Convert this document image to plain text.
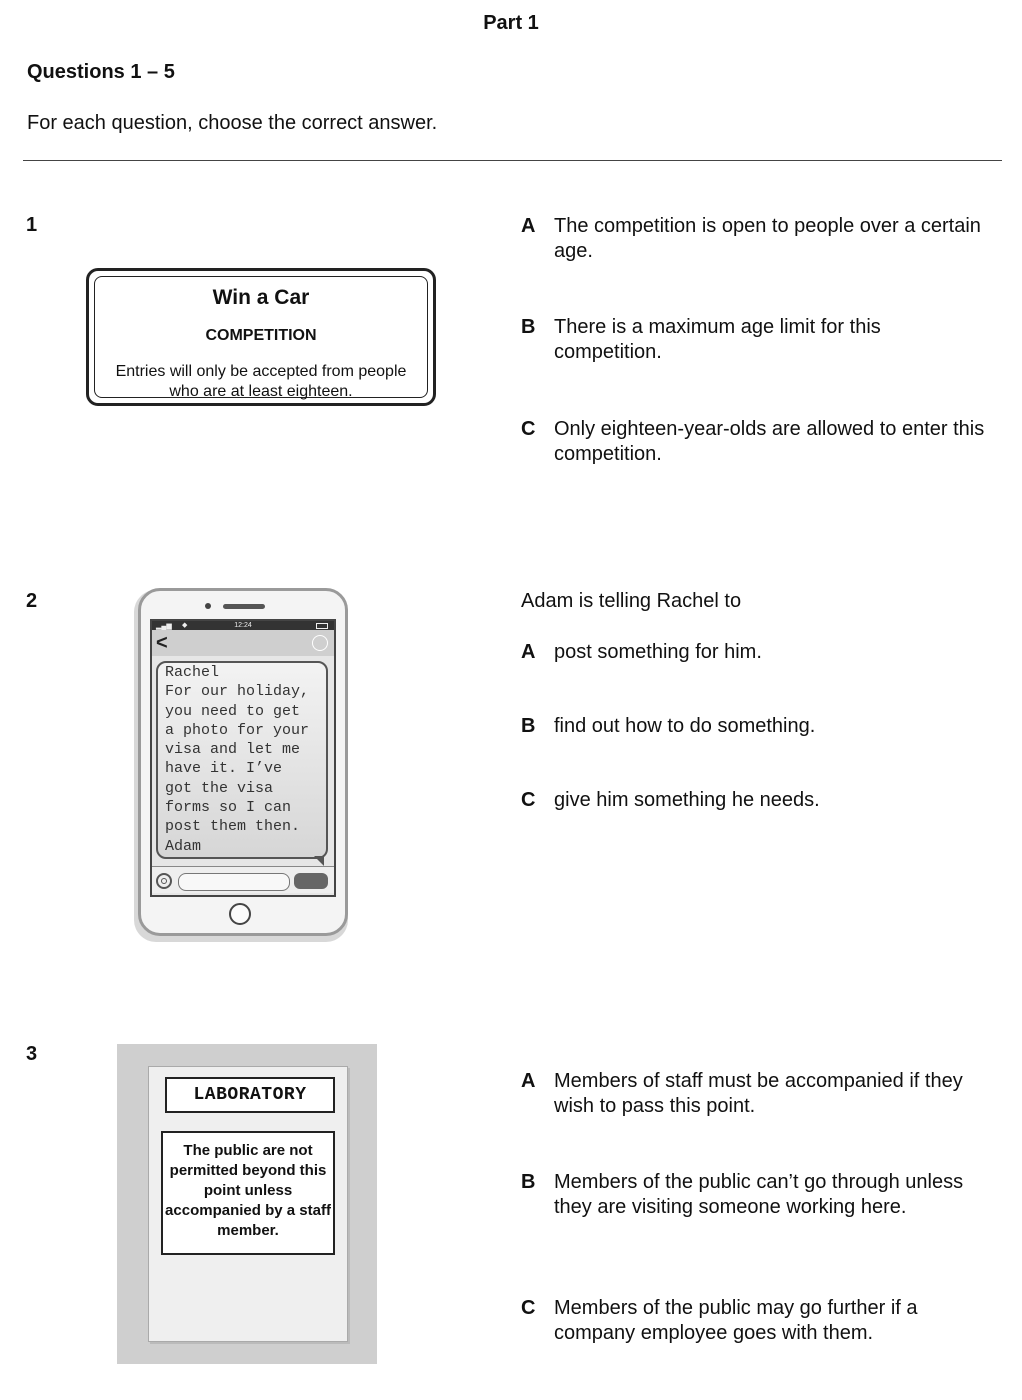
Part 1
Questions 1 – 5
For each question, choose the correct answer.
1
Win a Car
COMPETITION
Entries will only be accepted from people who are at least eighteen.
A The competition is open to people over a certain age.
B There is a maximum age limit for this competition.
C Only eighteen-year-olds are allowed to enter this competition.
2
▂▄▆ ◆	12:24
<
Rachel
For our holiday,
you need to get
a photo for your
visa and let me
have it. I’ve
got the visa
forms so I can
post them then.
Adam
Adam is telling Rachel to
A post something for him.
B find out how to do something.
C give him something he needs.
3
LABORATORY
The public are not permitted beyond this point unless accompanied by a staff member.
A Members of staff must be accompanied if they wish to pass this point.
B Members of the public can’t go through unless they are visiting someone working here.
C Members of the public may go further if a company employee goes with them.
